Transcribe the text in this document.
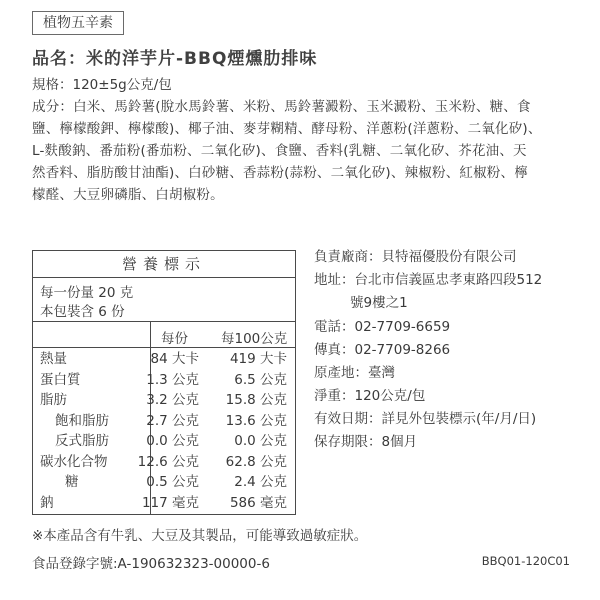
植物五辛素
品名：米的洋芋片-BBQ煙燻肋排味
規格：120±5g公克/包
成分：白米、馬鈴薯(脫水馬鈴薯、米粉、馬鈴薯澱粉、玉米澱粉、玉米粉、糖、食
鹽、檸檬酸鉀、檸檬酸)、椰子油、麥芽糊精、酵母粉、洋蔥粉(洋蔥粉、二氧化矽)、
L-麩酸鈉、番茄粉(番茄粉、二氧化矽)、食鹽、香料(乳糖、二氧化矽、芥花油、天
然香料、脂肪酸甘油酯)、白砂糖、香蒜粉(蒜粉、二氧化矽)、辣椒粉、紅椒粉、檸
檬醛、大豆卵磷脂、白胡椒粉。
營養標示
每一份量 20 克
本包裝含 6 份
每份 每100公克
熱量	84 大卡 419 大卡
蛋白質	1.3 公克	6.5 公克
脂肪	3.2 公克 15.8 公克
飽和脂肪	2.7 公克 13.6 公克
反式脂肪	0.0 公克	0.0 公克
碳水化合物 12.6 公克 62.8 公克
糖	0.5 公克	2.4 公克
鈉	117 毫克 586 毫克
負責廠商：貝特福優股份有限公司
地址：台北市信義區忠孝東路四段512
號9樓之1
電話：02-7709-6659
傳真：02-7709-8266
原產地：臺灣
淨重：120公克/包
有效日期：詳見外包裝標示(年/月/日)
保存期限：8個月
※本產品含有牛乳、大豆及其製品，可能導致過敏症狀。
食品登錄字號:A-190632323-00000-6	BBQ01-120C01
